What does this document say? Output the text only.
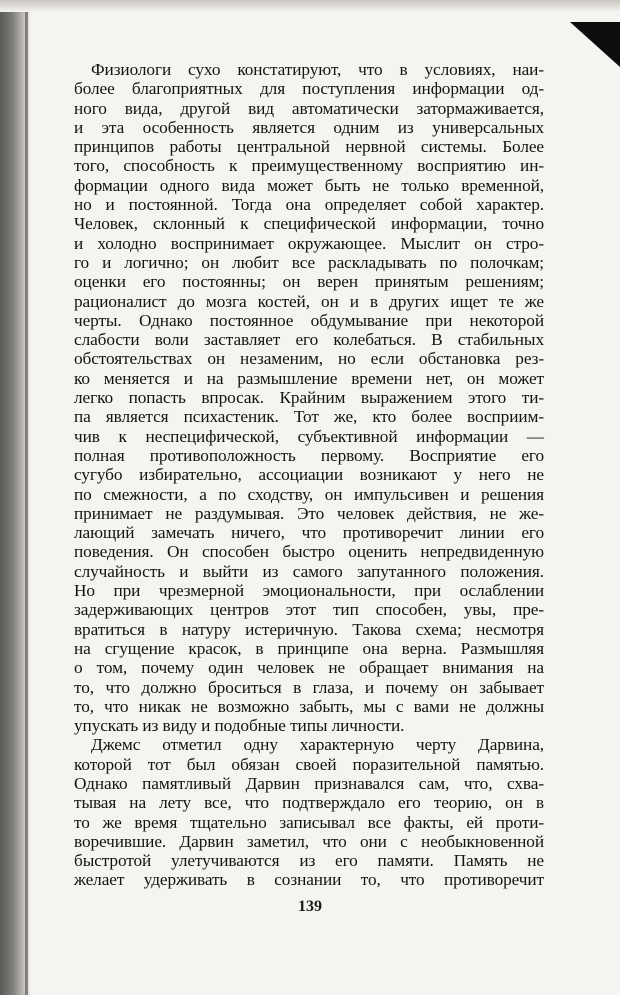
Физиологи сухо констатируют, что в условиях, наи-
более благоприятных для поступления информации од-
ного вида, другой вид автоматически затормаживается,
и эта особенность является одним из универсальных
принципов работы центральной нервной системы. Более
того, способность к преимущественному восприятию ин-
формации одного вида может быть не только временной,
но и постоянной. Тогда она определяет собой характер.
Человек, склонный к специфической информации, точно
и холодно воспринимает окружающее. Мыслит он стро-
го и логично; он любит все раскладывать по полочкам;
оценки его постоянны; он верен принятым решениям;
рационалист до мозга костей, он и в других ищет те же
черты. Однако постоянное обдумывание при некоторой
слабости воли заставляет его колебаться. В стабильных
обстоятельствах он незаменим, но если обстановка рез-
ко меняется и на размышление времени нет, он может
легко попасть впросак. Крайним выражением этого ти-
па является психастеник. Тот же, кто более восприим-
чив к неспецифической, субъективной информации —
полная противоположность первому. Восприятие его
сугубо избирательно, ассоциации возникают у него не
по смежности, а по сходству, он импульсивен и решения
принимает не раздумывая. Это человек действия, не же-
лающий замечать ничего, что противоречит линии его
поведения. Он способен быстро оценить непредвиденную
случайность и выйти из самого запутанного положения.
Но при чрезмерной эмоциональности, при ослаблении
задерживающих центров этот тип способен, увы, пре-
вратиться в натуру истеричную. Такова схема; несмотря
на сгущение красок, в принципе она верна. Размышляя
о том, почему один человек не обращает внимания на
то, что должно броситься в глаза, и почему он забывает
то, что никак не возможно забыть, мы с вами не должны
упускать из виду и подобные типы личности.
Джемс отметил одну характерную черту Дарвина,
которой тот был обязан своей поразительной памятью.
Однако памятливый Дарвин признавался сам, что, схва-
тывая на лету все, что подтверждало его теорию, он в
то же время тщательно записывал все факты, ей проти-
воречившие. Дарвин заметил, что они с необыкновенной
быстротой улетучиваются из его памяти. Память не
желает удерживать в сознании то, что противоречит
139
